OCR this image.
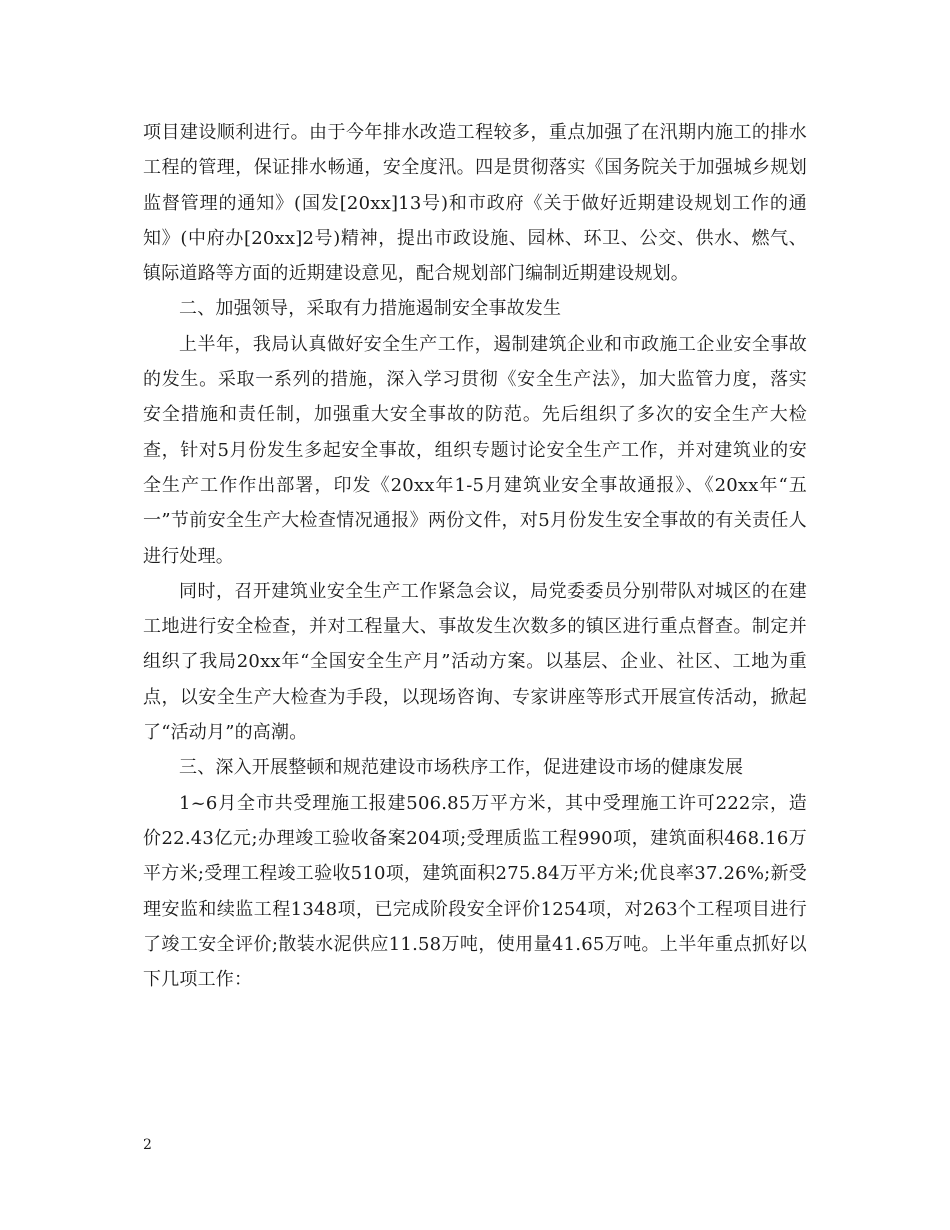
项目建设顺利进行。由于今年排水改造工程较多，重点加强了在汛期内施工的排水工程的管理，保证排水畅通，安全度汛。四是贯彻落实《国务院关于加强城乡规划监督管理的通知》(国发[20xx]13号)和市政府《关于做好近期建设规划工作的通知》(中府办[20xx]2号)精神，提出市政设施、园林、环卫、公交、供水、燃气、镇际道路等方面的近期建设意见，配合规划部门编制近期建设规划。

二、加强领导，采取有力措施遏制安全事故发生

上半年，我局认真做好安全生产工作，遏制建筑企业和市政施工企业安全事故的发生。采取一系列的措施，深入学习贯彻《安全生产法》，加大监管力度，落实安全措施和责任制，加强重大安全事故的防范。先后组织了多次的安全生产大检查，针对5月份发生多起安全事故，组织专题讨论安全生产工作，并对建筑业的安全生产工作作出部署，印发《20xx年1-5月建筑业安全事故通报》、《20xx年“五一”节前安全生产大检查情况通报》两份文件，对5月份发生安全事故的有关责任人进行处理。

同时，召开建筑业安全生产工作紧急会议，局党委委员分别带队对城区的在建工地进行安全检查，并对工程量大、事故发生次数多的镇区进行重点督查。制定并组织了我局20xx年“全国安全生产月”活动方案。以基层、企业、社区、工地为重点，以安全生产大检查为手段，以现场咨询、专家讲座等形式开展宣传活动，掀起了“活动月”的高潮。

三、深入开展整顿和规范建设市场秩序工作，促进建设市场的健康发展

1~6月全市共受理施工报建506.85万平方米，其中受理施工许可222宗，造价22.43亿元;办理竣工验收备案204项;受理质监工程990项，建筑面积468.16万平方米;受理工程竣工验收510项，建筑面积275.84万平方米;优良率37.26%;新受理安监和续监工程1348项，已完成阶段安全评价1254项，对263个工程项目进行了竣工安全评价;散装水泥供应11.58万吨，使用量41.65万吨。上半年重点抓好以下几项工作：

2
